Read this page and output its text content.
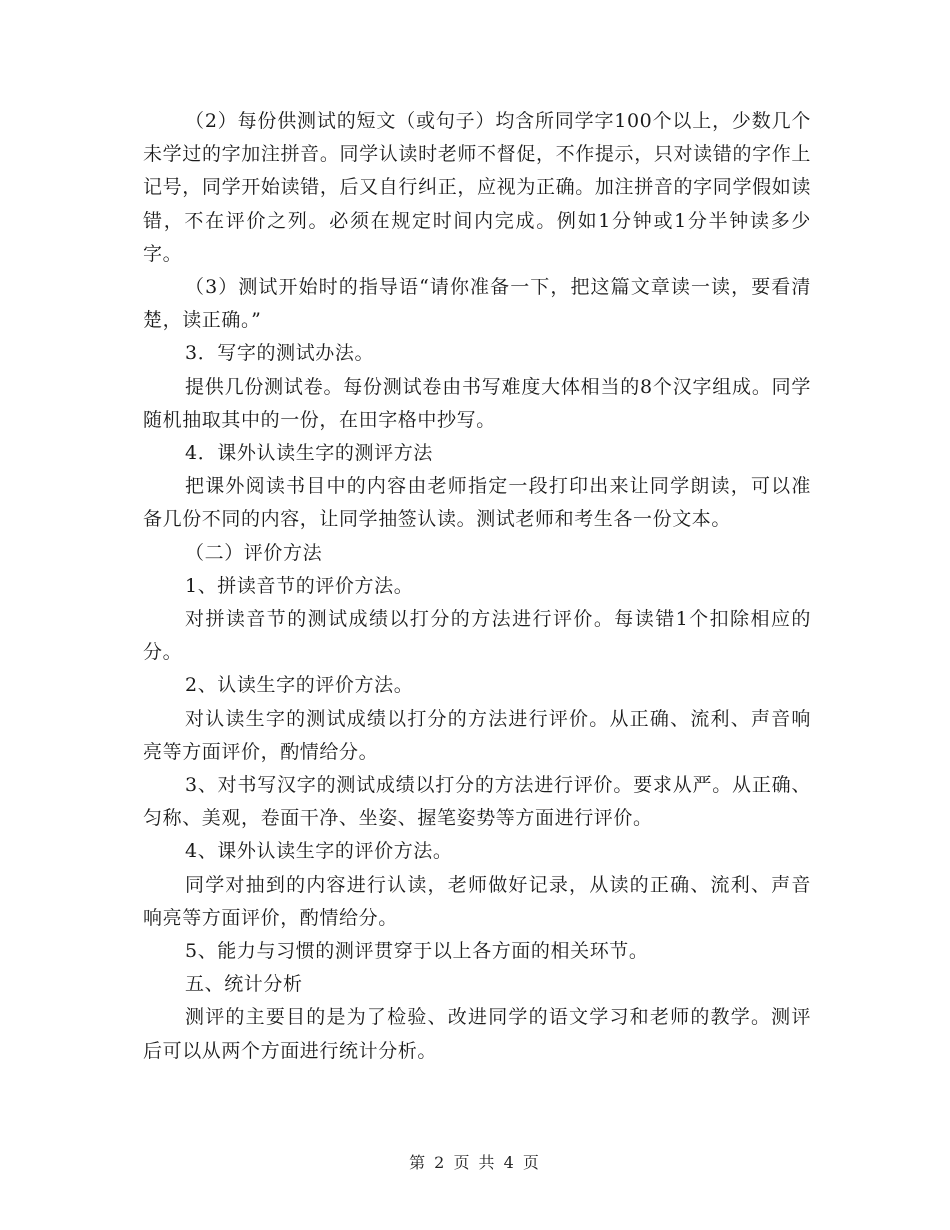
（2）每份供测试的短文（或句子）均含所同学字100个以上，少数几个未学过的字加注拼音。同学认读时老师不督促，不作提示，只对读错的字作上记号，同学开始读错，后又自行纠正，应视为正确。加注拼音的字同学假如读错，不在评价之列。必须在规定时间内完成。例如1分钟或1分半钟读多少字。

（3）测试开始时的指导语“请你准备一下，把这篇文章读一读，要看清楚，读正确。”

3．写字的测试办法。

提供几份测试卷。每份测试卷由书写难度大体相当的8个汉字组成。同学随机抽取其中的一份，在田字格中抄写。

4．课外认读生字的测评方法

把课外阅读书目中的内容由老师指定一段打印出来让同学朗读，可以准备几份不同的内容，让同学抽签认读。测试老师和考生各一份文本。

（二）评价方法

1、拼读音节的评价方法。

对拼读音节的测试成绩以打分的方法进行评价。每读错1个扣除相应的分。

2、认读生字的评价方法。

对认读生字的测试成绩以打分的方法进行评价。从正确、流利、声音响亮等方面评价，酌情给分。

3、对书写汉字的测试成绩以打分的方法进行评价。要求从严。从正确、匀称、美观，卷面干净、坐姿、握笔姿势等方面进行评价。

4、课外认读生字的评价方法。

同学对抽到的内容进行认读，老师做好记录，从读的正确、流利、声音响亮等方面评价，酌情给分。

5、能力与习惯的测评贯穿于以上各方面的相关环节。

五、统计分析

测评的主要目的是为了检验、改进同学的语文学习和老师的教学。测评后可以从两个方面进行统计分析。

第 2 页 共 4 页
